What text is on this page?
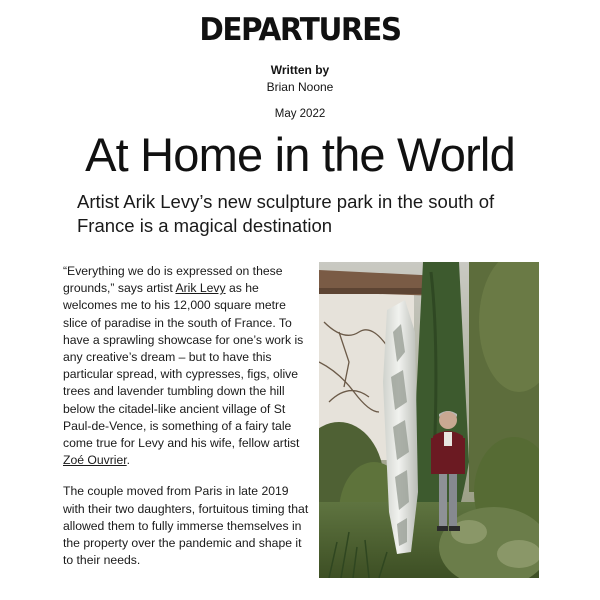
DEPARTURES
Written by
Brian Noone
May 2022
At Home in the World

Artist Arik Levy’s new sculpture park in the south of France is a magical destination

“Everything we do is expressed on these grounds,” says artist Arik Levy as he welcomes me to his 12,000 square metre slice of paradise in the south of France. To have a sprawling showcase for one’s work is any creative’s dream – but to have this particular spread, with cypresses, figs, olive trees and lavender tumbling down the hill below the citadel-like ancient village of St Paul-de-Vence, is something of a fairy tale come true for Levy and his wife, fellow artist Zoé Ouvrier.

The couple moved from Paris in late 2019 with their two daughters, fortuitous timing that allowed them to fully immerse themselves in the property over the pandemic and shape it to their needs.
